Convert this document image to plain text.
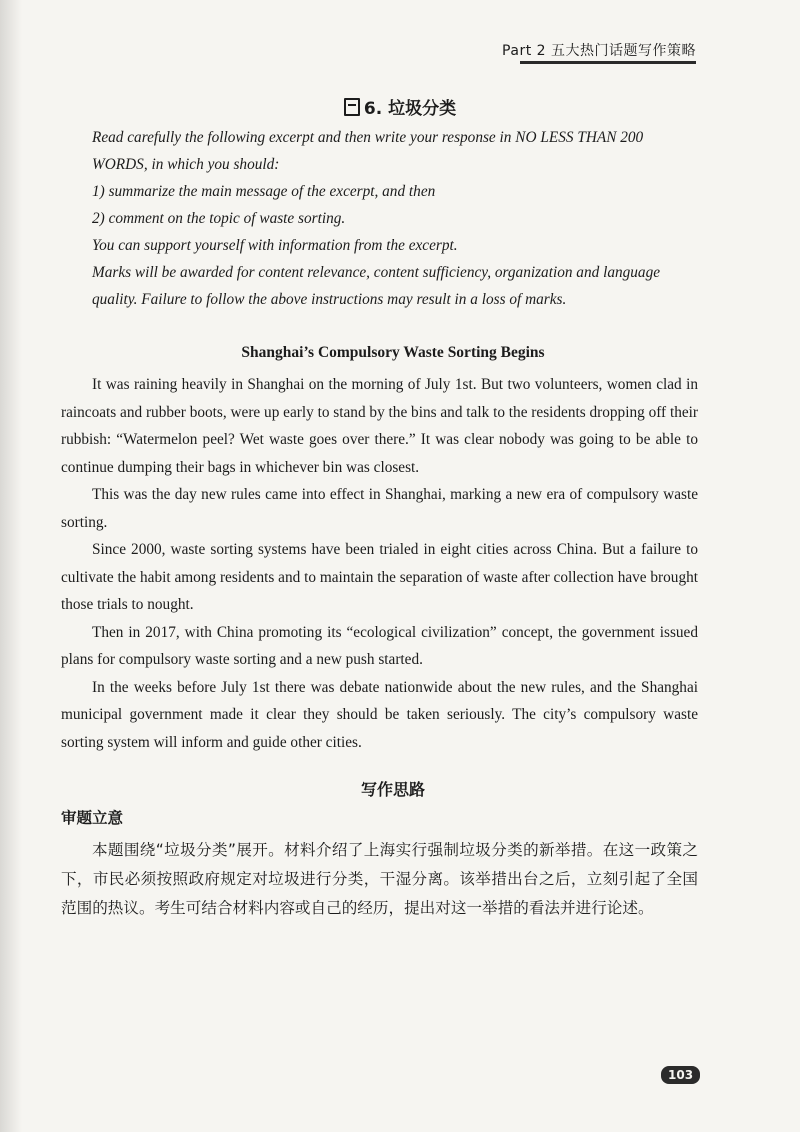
Part 2 五大热门话题写作策略
6. 垃圾分类

Read carefully the following excerpt and then write your response in NO LESS THAN 200 WORDS, in which you should:

1) summarize the main message of the excerpt, and then

2) comment on the topic of waste sorting.

You can support yourself with information from the excerpt.

Marks will be awarded for content relevance, content sufficiency, organization and language quality. Failure to follow the above instructions may result in a loss of marks.

Shanghai’s Compulsory Waste Sorting Begins

It was raining heavily in Shanghai on the morning of July 1st. But two volunteers, women clad in raincoats and rubber boots, were up early to stand by the bins and talk to the residents dropping off their rubbish: “Watermelon peel? Wet waste goes over there.” It was clear nobody was going to be able to continue dumping their bags in whichever bin was closest.

This was the day new rules came into effect in Shanghai, marking a new era of compulsory waste sorting.

Since 2000, waste sorting systems have been trialed in eight cities across China. But a failure to cultivate the habit among residents and to maintain the separation of waste after collection have brought those trials to nought.

Then in 2017, with China promoting its “ecological civilization” concept, the government issued plans for compulsory waste sorting and a new push started.

In the weeks before July 1st there was debate nationwide about the new rules, and the Shanghai municipal government made it clear they should be taken seriously. The city’s compulsory waste sorting system will inform and guide other cities.

写作思路
审题立意

本题围绕“垃圾分类”展开。材料介绍了上海实行强制垃圾分类的新举措。在这一政策之下，市民必须按照政府规定对垃圾进行分类，干湿分离。该举措出台之后，立刻引起了全国范围的热议。考生可结合材料内容或自己的经历，提出对这一举措的看法并进行论述。

103
